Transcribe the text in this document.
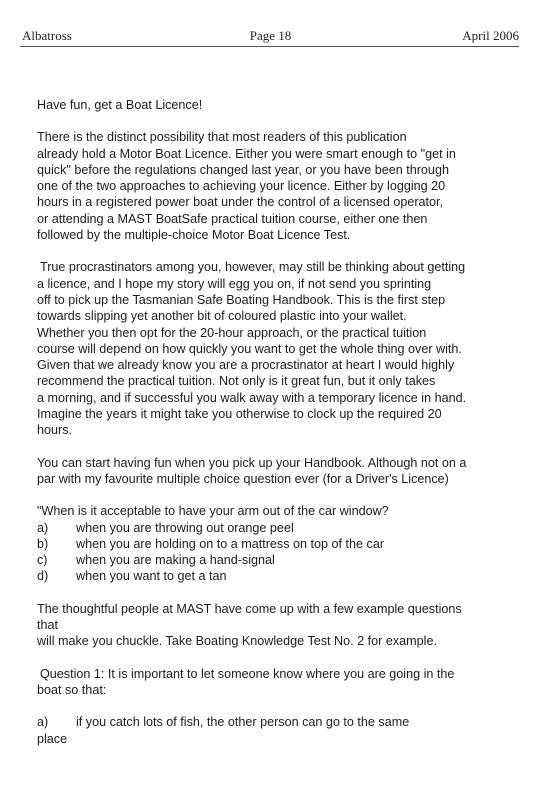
Albatross	Page 18	April 2006

Have fun, get a Boat Licence!

There is the distinct possibility that most readers of this publication
already hold a Motor Boat Licence. Either you were smart enough to "get in
quick" before the regulations changed last year, or you have been through
one of the two approaches to achieving your licence. Either by logging 20
hours in a registered power boat under the control of a licensed operator,
or attending a MAST BoatSafe practical tuition course, either one then
followed by the multiple-choice Motor Boat Licence Test.
True procrastinators among you, however, may still be thinking about getting
a licence, and I hope my story will egg you on, if not send you sprinting
off to pick up the Tasmanian Safe Boating Handbook. This is the first step
towards slipping yet another bit of coloured plastic into your wallet.
Whether you then opt for the 20-hour approach, or the practical tuition
course will depend on how quickly you want to get the whole thing over with.
Given that we already know you are a procrastinator at heart I would highly
recommend the practical tuition. Not only is it great fun, but it only takes
a morning, and if successful you walk away with a temporary licence in hand.
Imagine the years it might take you otherwise to clock up the required 20
hours.
You can start having fun when you pick up your Handbook. Although not on a
par with my favourite multiple choice question ever (for a Driver's Licence)
"When is it acceptable to have your arm out of the car window?
a)	when you are throwing out orange peel
b)	when you are holding on to a mattress on top of the car
c)	when you are making a hand-signal
d)	when you want to get a tan
The thoughtful people at MAST have come up with a few example questions
that
will make you chuckle. Take Boating Knowledge Test No. 2 for example.
Question 1: It is important to let someone know where you are going in the
boat so that:
a)	if you catch lots of fish, the other person can go to the same
place
